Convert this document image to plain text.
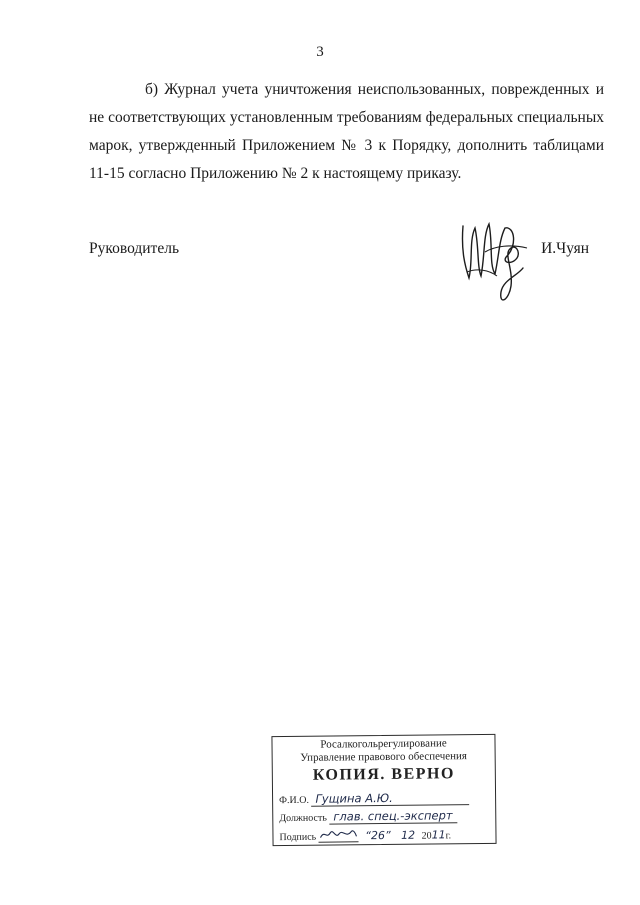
3

б) Журнал учета уничтожения неиспользованных, поврежденных и не соответствующих установленным требованиям федеральных специальных марок, утвержденный Приложением № 3 к Порядку, дополнить таблицами 11-15 согласно Приложению № 2 к настоящему приказу.

Руководитель	И.Чуян
Росалкогольрегулирование
Управление правового обеспечения
КОПИЯ. ВЕРНО
Ф.И.О. Гущина А.Ю.
Должность глав. спец.-эксперт
Подпись	“26” 12 2011г.
